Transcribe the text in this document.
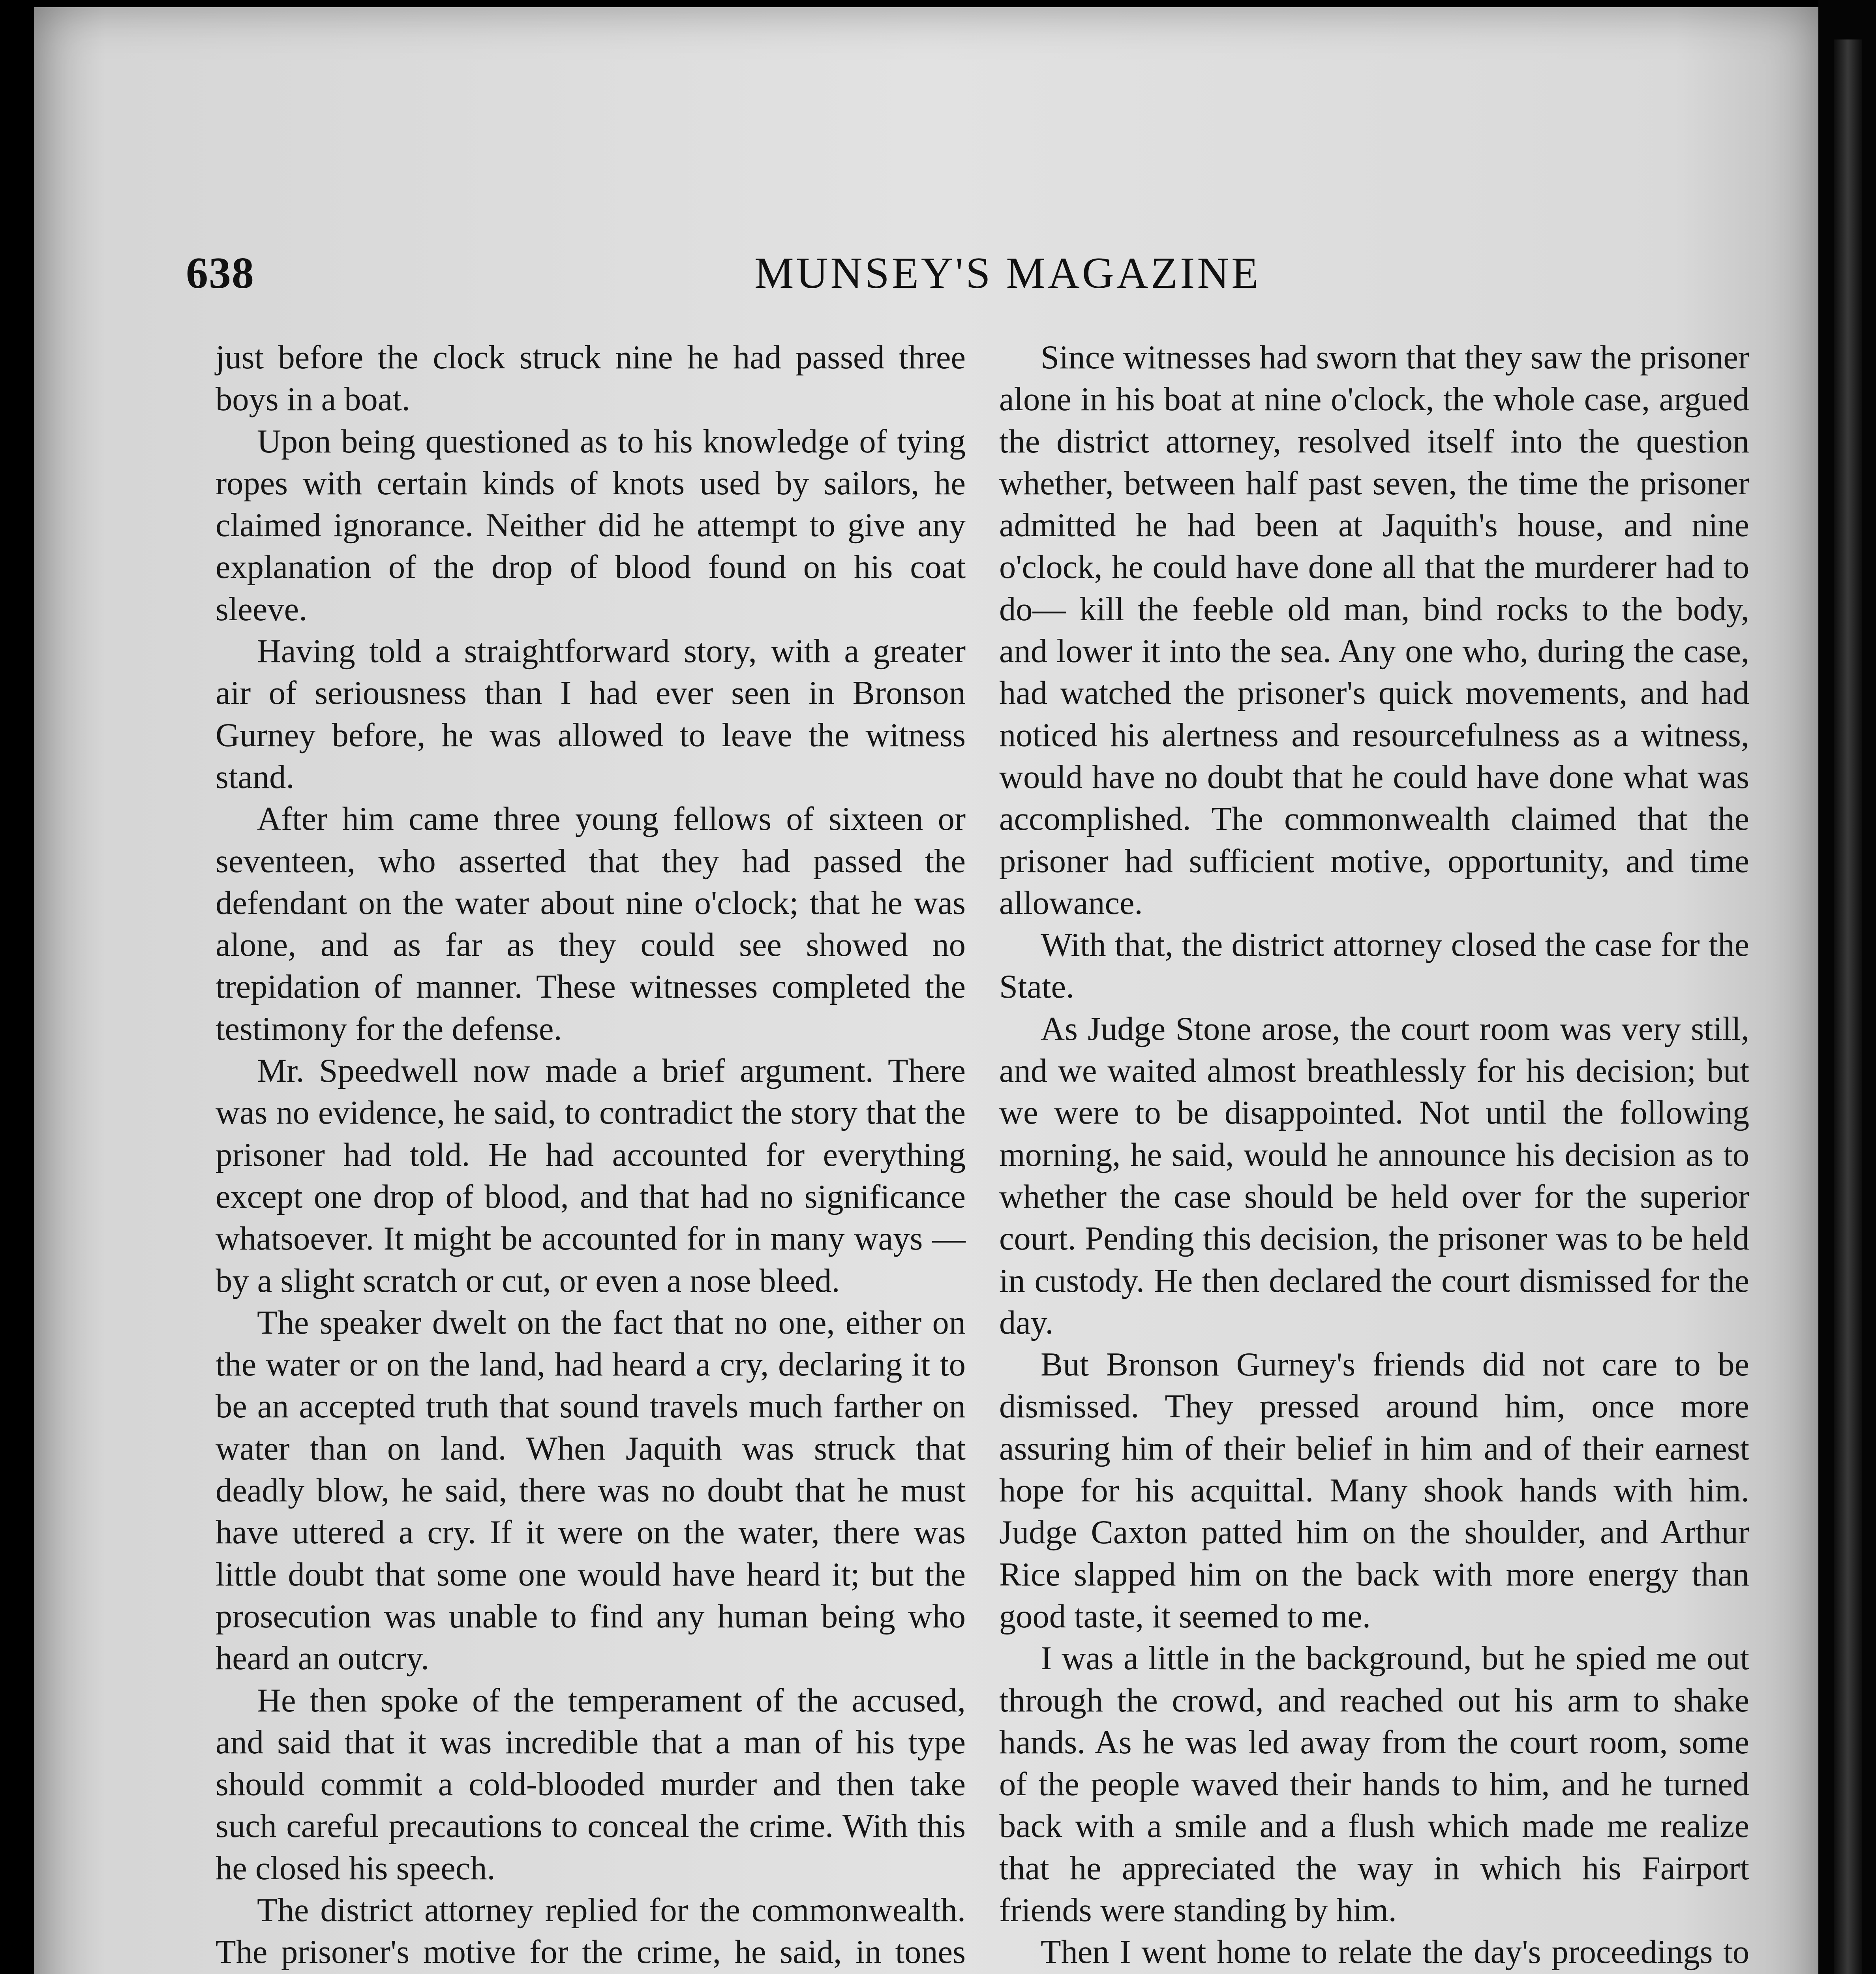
638	MUNSEY'S MAGAZINE

just before the clock struck nine he had passed three boys in a boat.

Upon being questioned as to his knowledge of tying ropes with certain kinds of knots used by sailors, he claimed ignorance. Neither did he attempt to give any explanation of the drop of blood found on his coat sleeve.

Having told a straightforward story, with a greater air of seriousness than I had ever seen in Bronson Gurney before, he was allowed to leave the witness stand.

After him came three young fellows of sixteen or seventeen, who asserted that they had passed the defendant on the water about nine o'clock; that he was alone, and as far as they could see showed no trepidation of manner. These witnesses completed the testimony for the defense.

Mr. Speedwell now made a brief argument. There was no evidence, he said, to contradict the story that the prisoner had told. He had accounted for everything except one drop of blood, and that had no significance whatsoever. It might be accounted for in many ways — by a slight scratch or cut, or even a nose bleed.

The speaker dwelt on the fact that no one, either on the water or on the land, had heard a cry, declaring it to be an accepted truth that sound travels much farther on water than on land. When Jaquith was struck that deadly blow, he said, there was no doubt that he must have uttered a cry. If it were on the water, there was little doubt that some one would have heard it; but the prosecution was unable to find any human being who heard an outcry.

He then spoke of the temperament of the accused, and said that it was incredible that a man of his type should commit a cold-blooded murder and then take such careful precautions to conceal the crime. With this he closed his speech.

The district attorney replied for the commonwealth. The prisoner's motive for the crime, he said, in tones

Since witnesses had sworn that they saw the prisoner alone in his boat at nine o'clock, the whole case, argued the district attorney, resolved itself into the question whether, between half past seven, the time the prisoner admitted he had been at Jaquith's house, and nine o'clock, he could have done all that the murderer had to do— kill the feeble old man, bind rocks to the body, and lower it into the sea. Any one who, during the case, had watched the prisoner's quick movements, and had noticed his alertness and resourcefulness as a witness, would have no doubt that he could have done what was accomplished. The commonwealth claimed that the prisoner had sufficient motive, opportunity, and time allowance.

With that, the district attorney closed the case for the State.

As Judge Stone arose, the court room was very still, and we waited almost breathlessly for his decision; but we were to be disappointed. Not until the following morning, he said, would he announce his decision as to whether the case should be held over for the superior court. Pending this decision, the prisoner was to be held in custody. He then declared the court dismissed for the day.

But Bronson Gurney's friends did not care to be dismissed. They pressed around him, once more assuring him of their belief in him and of their earnest hope for his acquittal. Many shook hands with him. Judge Caxton patted him on the shoulder, and Arthur Rice slapped him on the back with more energy than good taste, it seemed to me.

I was a little in the background, but he spied me out through the crowd, and reached out his arm to shake hands. As he was led away from the court room, some of the people waved their hands to him, and he turned back with a smile and a flush which made me realize that he appreciated the way in which his Fairport friends were standing by him.

Then I went home to relate the day's proceedings to
